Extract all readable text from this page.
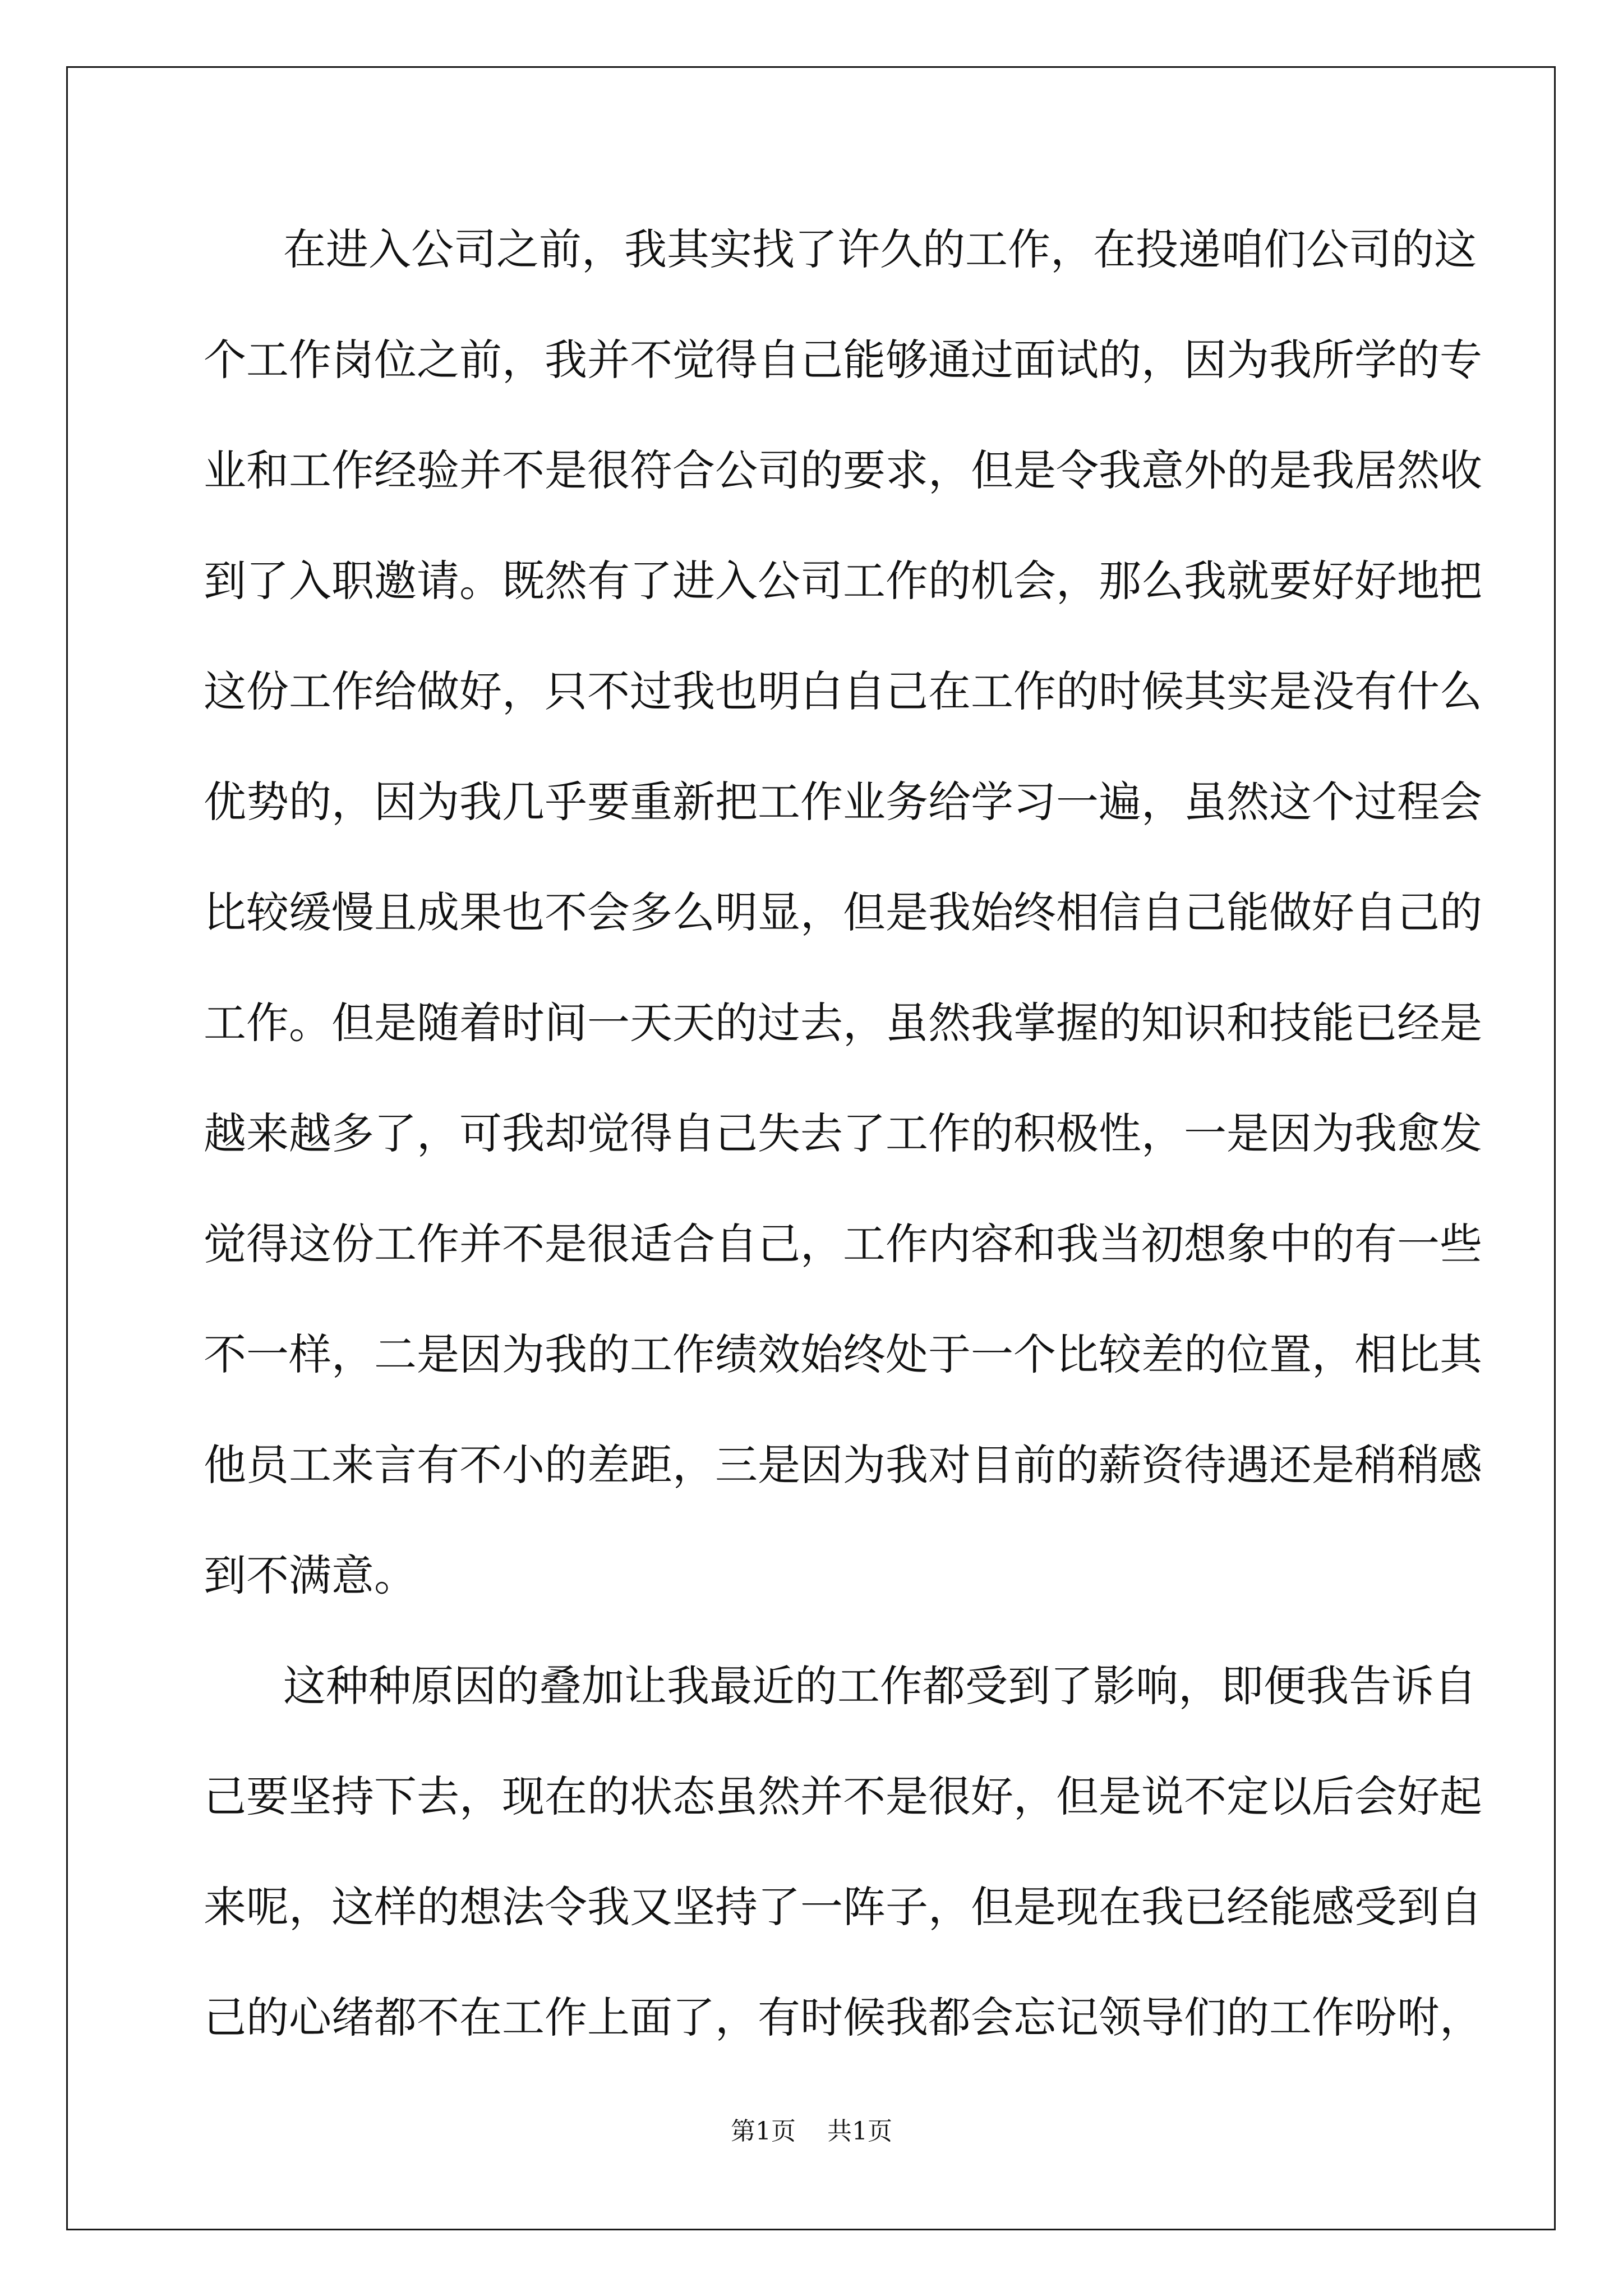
在进入公司之前，我其实找了许久的工作，在投递咱们公司的这
个工作岗位之前，我并不觉得自己能够通过面试的，因为我所学的专
业和工作经验并不是很符合公司的要求，但是令我意外的是我居然收
到了入职邀请。既然有了进入公司工作的机会，那么我就要好好地把
这份工作给做好，只不过我也明白自己在工作的时候其实是没有什么
优势的，因为我几乎要重新把工作业务给学习一遍，虽然这个过程会
比较缓慢且成果也不会多么明显，但是我始终相信自己能做好自己的
工作。但是随着时间一天天的过去，虽然我掌握的知识和技能已经是
越来越多了，可我却觉得自己失去了工作的积极性，一是因为我愈发
觉得这份工作并不是很适合自己，工作内容和我当初想象中的有一些
不一样，二是因为我的工作绩效始终处于一个比较差的位置，相比其
他员工来言有不小的差距，三是因为我对目前的薪资待遇还是稍稍感
到不满意。
这种种原因的叠加让我最近的工作都受到了影响，即便我告诉自
己要坚持下去，现在的状态虽然并不是很好，但是说不定以后会好起
来呢，这样的想法令我又坚持了一阵子，但是现在我已经能感受到自
己的心绪都不在工作上面了，有时候我都会忘记领导们的工作吩咐，
第1页 共1页
